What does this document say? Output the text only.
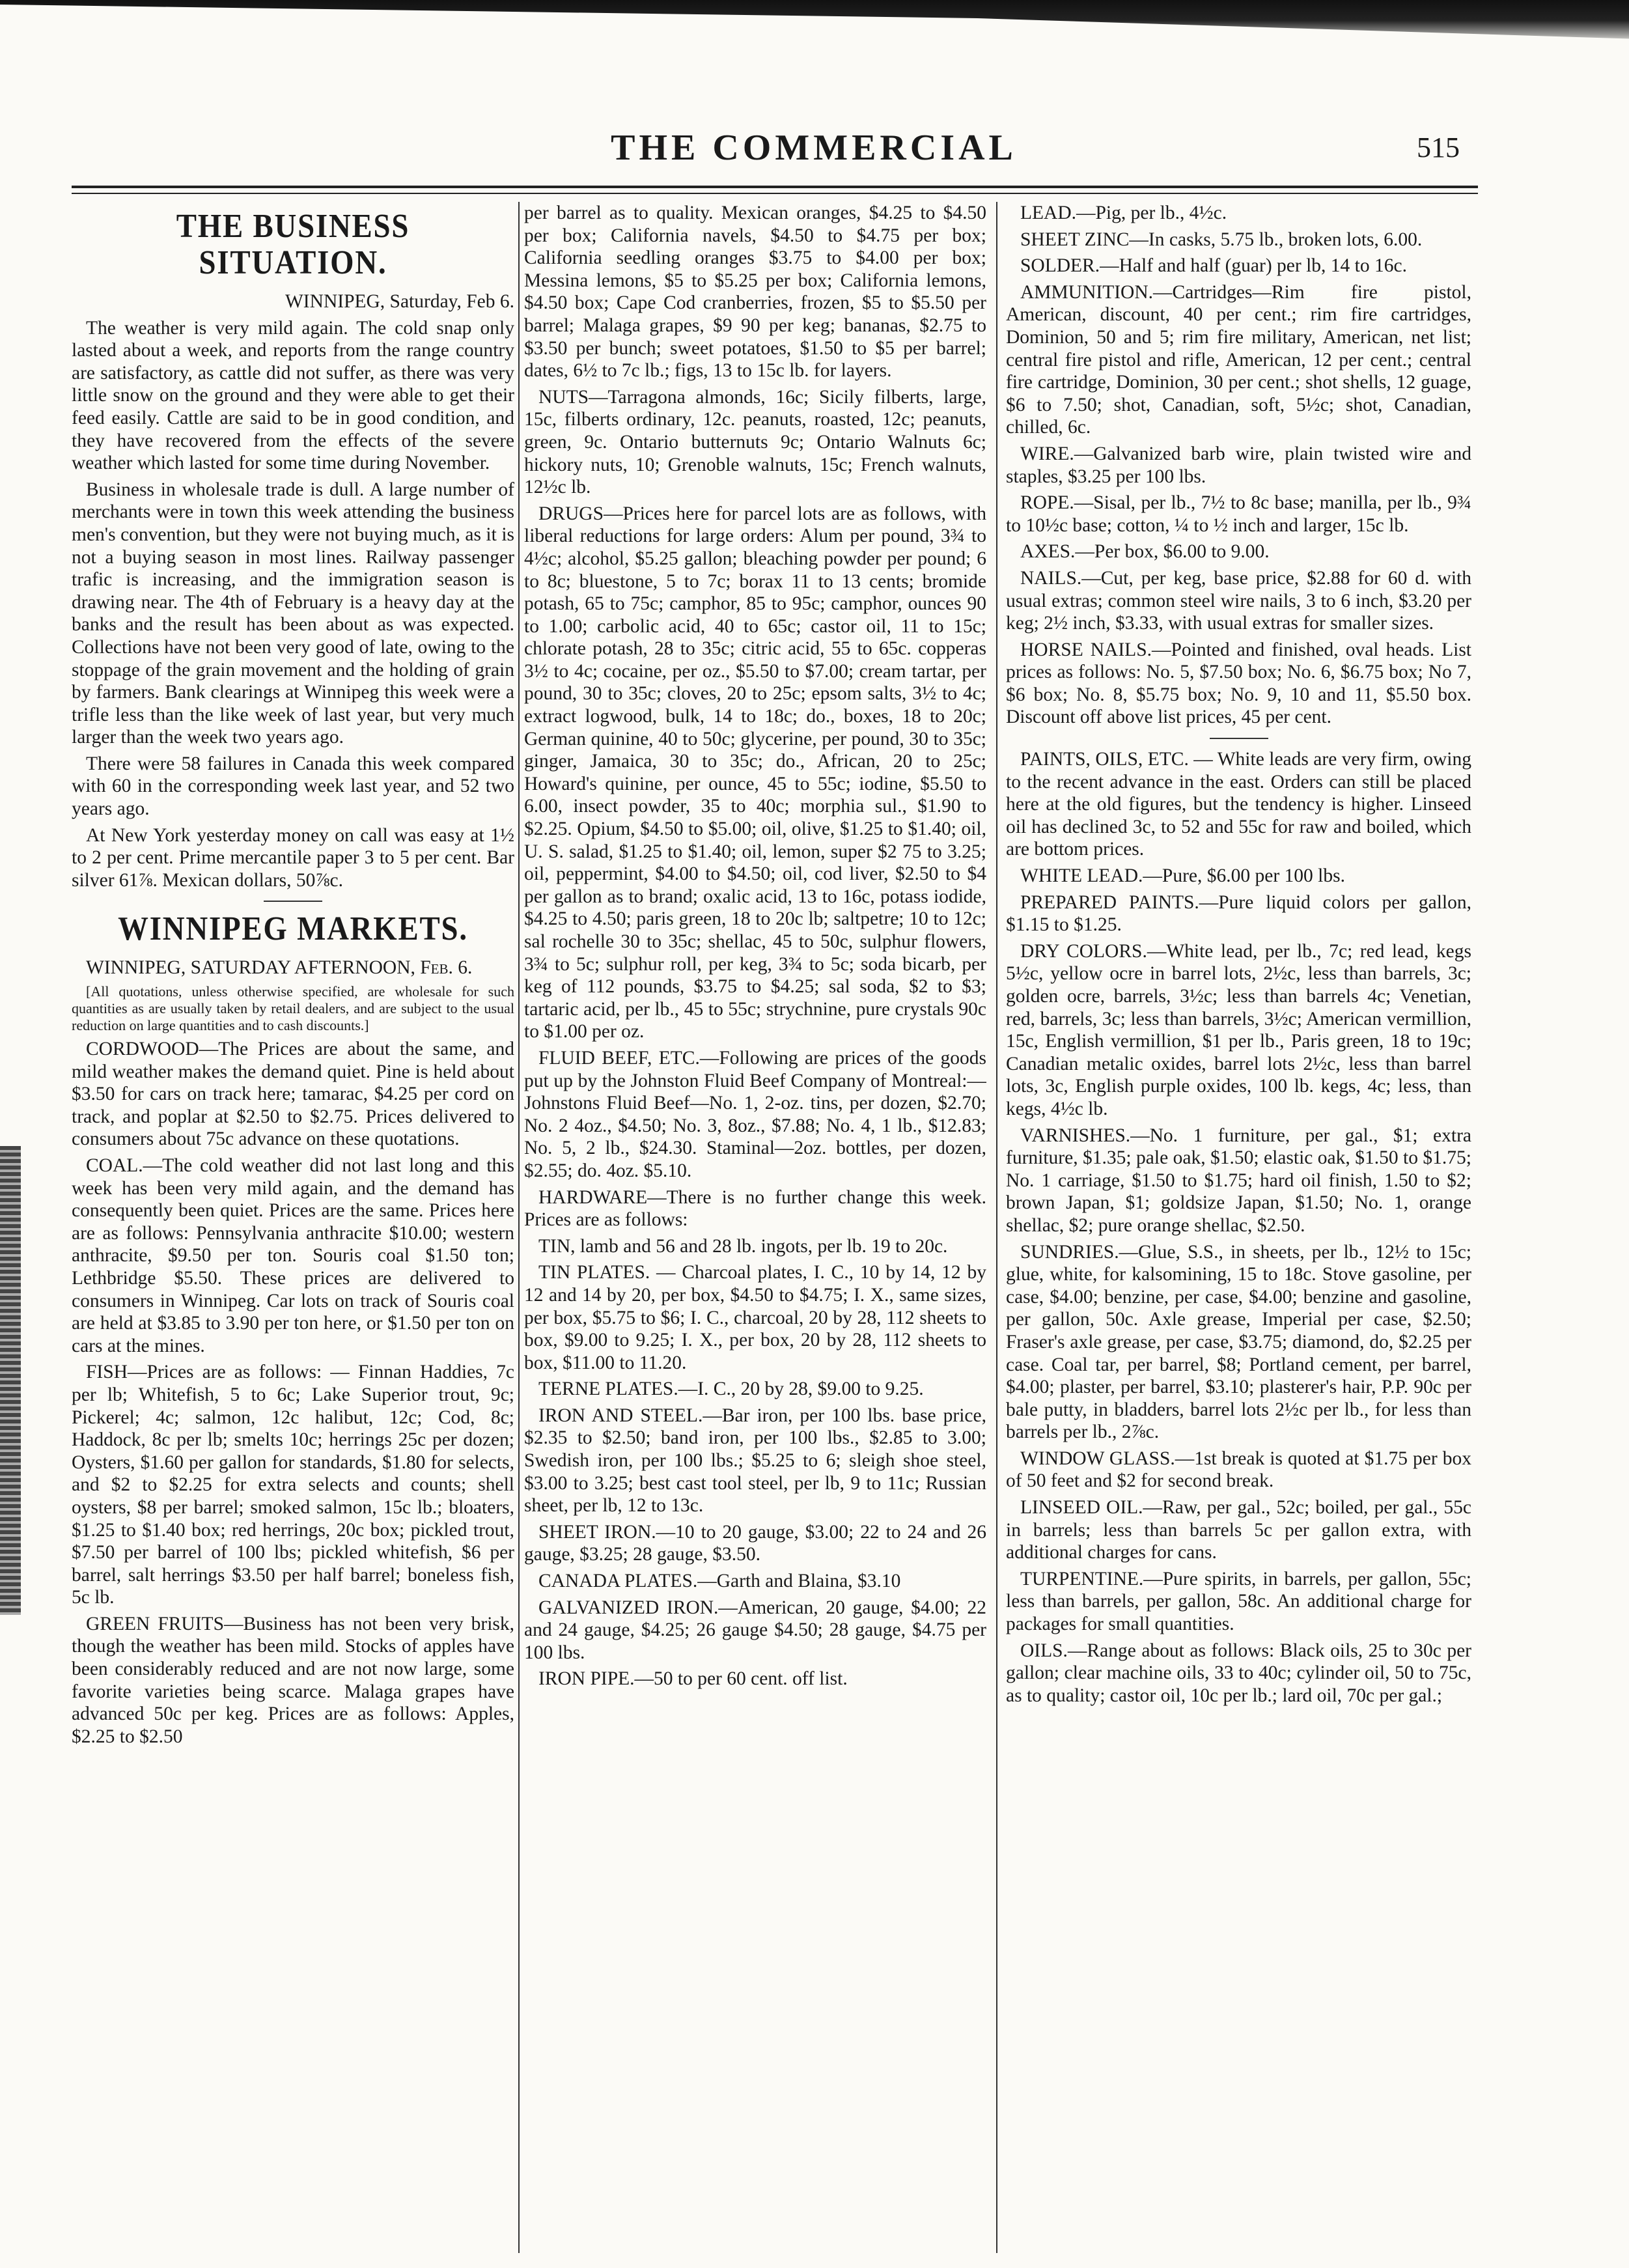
THE COMMERCIAL	515
THE BUSINESS SITUATION.

WINNIPEG, Saturday, Feb 6.

The weather is very mild again. The cold snap only lasted about a week, and reports from the range country are satisfactory, as cattle did not suffer, as there was very little snow on the ground and they were able to get their feed easily. Cattle are said to be in good condition, and they have recovered from the effects of the severe weather which lasted for some time during November.

Business in wholesale trade is dull. A large number of merchants were in town this week attending the business men's convention, but they were not buying much, as it is not a buying season in most lines. Railway passenger trafic is increasing, and the immigration season is drawing near. The 4th of February is a heavy day at the banks and the result has been about as was expected. Collections have not been very good of late, owing to the stoppage of the grain movement and the holding of grain by farmers. Bank clearings at Winnipeg this week were a trifle less than the like week of last year, but very much larger than the week two years ago.

There were 58 failures in Canada this week compared with 60 in the corresponding week last year, and 52 two years ago.

At New York yesterday money on call was easy at 1½ to 2 per cent. Prime mercantile paper 3 to 5 per cent. Bar silver 61⅞. Mexican dollars, 50⅞c.

WINNIPEG MARKETS.

WINNIPEG, SATURDAY AFTERNOON, Feb. 6.

[All quotations, unless otherwise specified, are wholesale for such quantities as are usually taken by retail dealers, and are subject to the usual reduction on large quantities and to cash discounts.]

CORDWOOD—The Prices are about the same, and mild weather makes the demand quiet. Pine is held about $3.50 for cars on track here; tamarac, $4.25 per cord on track, and poplar at $2.50 to $2.75. Prices delivered to consumers about 75c advance on these quotations.

COAL.—The cold weather did not last long and this week has been very mild again, and the demand has consequently been quiet. Prices are the same. Prices here are as follows: Pennsylvania anthracite $10.00; western anthracite, $9.50 per ton. Souris coal $1.50 ton; Lethbridge $5.50. These prices are delivered to consumers in Winnipeg. Car lots on track of Souris coal are held at $3.85 to 3.90 per ton here, or $1.50 per ton on cars at the mines.

FISH—Prices are as follows: — Finnan Haddies, 7c per lb; Whitefish, 5 to 6c; Lake Superior trout, 9c; Pickerel; 4c; salmon, 12c halibut, 12c; Cod, 8c; Haddock, 8c per lb; smelts 10c; herrings 25c per dozen; Oysters, $1.60 per gallon for standards, $1.80 for selects, and $2 to $2.25 for extra selects and counts; shell oysters, $8 per barrel; smoked salmon, 15c lb.; bloaters, $1.25 to $1.40 box; red herrings, 20c box; pickled trout, $7.50 per barrel of 100 lbs; pickled whitefish, $6 per barrel, salt herrings $3.50 per half barrel; boneless fish, 5c lb.

GREEN FRUITS—Business has not been very brisk, though the weather has been mild. Stocks of apples have been considerably reduced and are not now large, some favorite varieties being scarce. Malaga grapes have advanced 50c per keg. Prices are as follows: Apples, $2.25 to $2.50

per barrel as to quality. Mexican oranges, $4.25 to $4.50 per box; California navels, $4.50 to $4.75 per box; California seedling oranges $3.75 to $4.00 per box; Messina lemons, $5 to $5.25 per box; California lemons, $4.50 box; Cape Cod cranberries, frozen, $5 to $5.50 per barrel; Malaga grapes, $9 90 per keg; bananas, $2.75 to $3.50 per bunch; sweet potatoes, $1.50 to $5 per barrel; dates, 6½ to 7c lb.; figs, 13 to 15c lb. for layers.

NUTS—Tarragona almonds, 16c; Sicily filberts, large, 15c, filberts ordinary, 12c. peanuts, roasted, 12c; peanuts, green, 9c. Ontario butternuts 9c; Ontario Walnuts 6c; hickory nuts, 10; Grenoble walnuts, 15c; French walnuts, 12½c lb.

DRUGS—Prices here for parcel lots are as follows, with liberal reductions for large orders: Alum per pound, 3¾ to 4½c; alcohol, $5.25 gallon; bleaching powder per pound; 6 to 8c; bluestone, 5 to 7c; borax 11 to 13 cents; bromide potash, 65 to 75c; camphor, 85 to 95c; camphor, ounces 90 to 1.00; carbolic acid, 40 to 65c; castor oil, 11 to 15c; chlorate potash, 28 to 35c; citric acid, 55 to 65c. copperas 3½ to 4c; cocaine, per oz., $5.50 to $7.00; cream tartar, per pound, 30 to 35c; cloves, 20 to 25c; epsom salts, 3½ to 4c; extract logwood, bulk, 14 to 18c; do., boxes, 18 to 20c; German quinine, 40 to 50c; glycerine, per pound, 30 to 35c; ginger, Jamaica, 30 to 35c; do., African, 20 to 25c; Howard's quinine, per ounce, 45 to 55c; iodine, $5.50 to 6.00, insect powder, 35 to 40c; morphia sul., $1.90 to $2.25. Opium, $4.50 to $5.00; oil, olive, $1.25 to $1.40; oil, U. S. salad, $1.25 to $1.40; oil, lemon, super $2 75 to 3.25; oil, peppermint, $4.00 to $4.50; oil, cod liver, $2.50 to $4 per gallon as to brand; oxalic acid, 13 to 16c, potass iodide, $4.25 to 4.50; paris green, 18 to 20c lb; saltpetre; 10 to 12c; sal rochelle 30 to 35c; shellac, 45 to 50c, sulphur flowers, 3¾ to 5c; sulphur roll, per keg, 3¾ to 5c; soda bicarb, per keg of 112 pounds, $3.75 to $4.25; sal soda, $2 to $3; tartaric acid, per lb., 45 to 55c; strychnine, pure crystals 90c to $1.00 per oz.

FLUID BEEF, ETC.—Following are prices of the goods put up by the Johnston Fluid Beef Company of Montreal:—Johnstons Fluid Beef—No. 1, 2-oz. tins, per dozen, $2.70; No. 2 4oz., $4.50; No. 3, 8oz., $7.88; No. 4, 1 lb., $12.83; No. 5, 2 lb., $24.30. Staminal—2oz. bottles, per dozen, $2.55; do. 4oz. $5.10.

HARDWARE—There is no further change this week. Prices are as follows:

TIN, lamb and 56 and 28 lb. ingots, per lb. 19 to 20c.

TIN PLATES. — Charcoal plates, I. C., 10 by 14, 12 by 12 and 14 by 20, per box, $4.50 to $4.75; I. X., same sizes, per box, $5.75 to $6; I. C., charcoal, 20 by 28, 112 sheets to box, $9.00 to 9.25; I. X., per box, 20 by 28, 112 sheets to box, $11.00 to 11.20.

TERNE PLATES.—I. C., 20 by 28, $9.00 to 9.25.

IRON AND STEEL.—Bar iron, per 100 lbs. base price, $2.35 to $2.50; band iron, per 100 lbs., $2.85 to 3.00; Swedish iron, per 100 lbs.; $5.25 to 6; sleigh shoe steel, $3.00 to 3.25; best cast tool steel, per lb, 9 to 11c; Russian sheet, per lb, 12 to 13c.

SHEET IRON.—10 to 20 gauge, $3.00; 22 to 24 and 26 gauge, $3.25; 28 gauge, $3.50.

CANADA PLATES.—Garth and Blaina, $3.10

GALVANIZED IRON.—American, 20 gauge, $4.00; 22 and 24 gauge, $4.25; 26 gauge $4.50; 28 gauge, $4.75 per 100 lbs.

IRON PIPE.—50 to per 60 cent. off list.

LEAD.—Pig, per lb., 4½c.

SHEET ZINC—In casks, 5.75 lb., broken lots, 6.00.

SOLDER.—Half and half (guar) per lb, 14 to 16c.

AMMUNITION.—Cartridges—Rim fire pistol, American, discount, 40 per cent.; rim fire cartridges, Dominion, 50 and 5; rim fire military, American, net list; central fire pistol and rifle, American, 12 per cent.; central fire cartridge, Dominion, 30 per cent.; shot shells, 12 guage, $6 to 7.50; shot, Canadian, soft, 5½c; shot, Canadian, chilled, 6c.

WIRE.—Galvanized barb wire, plain twisted wire and staples, $3.25 per 100 lbs.

ROPE.—Sisal, per lb., 7½ to 8c base; manilla, per lb., 9¾ to 10½c base; cotton, ¼ to ½ inch and larger, 15c lb.

AXES.—Per box, $6.00 to 9.00.

NAILS.—Cut, per keg, base price, $2.88 for 60 d. with usual extras; common steel wire nails, 3 to 6 inch, $3.20 per keg; 2½ inch, $3.33, with usual extras for smaller sizes.

HORSE NAILS.—Pointed and finished, oval heads. List prices as follows: No. 5, $7.50 box; No. 6, $6.75 box; No 7, $6 box; No. 8, $5.75 box; No. 9, 10 and 11, $5.50 box. Discount off above list prices, 45 per cent.

PAINTS, OILS, ETC. — White leads are very firm, owing to the recent advance in the east. Orders can still be placed here at the old figures, but the tendency is higher. Linseed oil has declined 3c, to 52 and 55c for raw and boiled, which are bottom prices.

WHITE LEAD.—Pure, $6.00 per 100 lbs.

PREPARED PAINTS.—Pure liquid colors per gallon, $1.15 to $1.25.

DRY COLORS.—White lead, per lb., 7c; red lead, kegs 5½c, yellow ocre in barrel lots, 2½c, less than barrels, 3c; golden ocre, barrels, 3½c; less than barrels 4c; Venetian, red, barrels, 3c; less than barrels, 3½c; American vermillion, 15c, English vermillion, $1 per lb., Paris green, 18 to 19c; Canadian metalic oxides, barrel lots 2½c, less than barrel lots, 3c, English purple oxides, 100 lb. kegs, 4c; less, than kegs, 4½c lb.

VARNISHES.—No. 1 furniture, per gal., $1; extra furniture, $1.35; pale oak, $1.50; elastic oak, $1.50 to $1.75; No. 1 carriage, $1.50 to $1.75; hard oil finish, 1.50 to $2; brown Japan, $1; goldsize Japan, $1.50; No. 1, orange shellac, $2; pure orange shellac, $2.50.

SUNDRIES.—Glue, S.S., in sheets, per lb., 12½ to 15c; glue, white, for kalsomining, 15 to 18c. Stove gasoline, per case, $4.00; benzine, per case, $4.00; benzine and gasoline, per gallon, 50c. Axle grease, Imperial per case, $2.50; Fraser's axle grease, per case, $3.75; diamond, do, $2.25 per case. Coal tar, per barrel, $8; Portland cement, per barrel, $4.00; plaster, per barrel, $3.10; plasterer's hair, P.P. 90c per bale putty, in bladders, barrel lots 2½c per lb., for less than barrels per lb., 2⅞c.

WINDOW GLASS.—1st break is quoted at $1.75 per box of 50 feet and $2 for second break.

LINSEED OIL.—Raw, per gal., 52c; boiled, per gal., 55c in barrels; less than barrels 5c per gallon extra, with additional charges for cans.

TURPENTINE.—Pure spirits, in barrels, per gallon, 55c; less than barrels, per gallon, 58c. An additional charge for packages for small quantities.

OILS.—Range about as follows: Black oils, 25 to 30c per gallon; clear machine oils, 33 to 40c; cylinder oil, 50 to 75c, as to quality; castor oil, 10c per lb.; lard oil, 70c per gal.;
